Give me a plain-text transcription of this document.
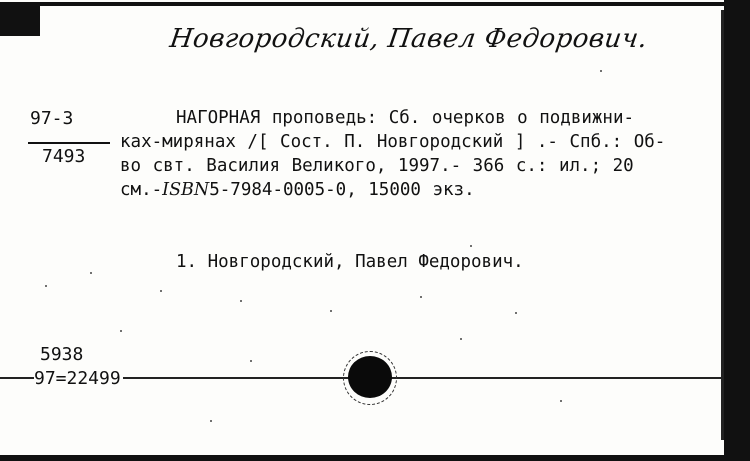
Новгородский, Павел Федорович.
97-3
7493

НАГОРНАЯ проповедь: Сб. очерков о подвижни-

ках-мирянах /[ Сост. П. Новгородский ] .- Спб.: Об-

во свт. Василия Великого, 1997.- 366 с.: ил.; 20

см.-ISBN5-7984-0005-0, 15000 экз.

1. Новгородский, Павел Федорович.
5938
97=22499
